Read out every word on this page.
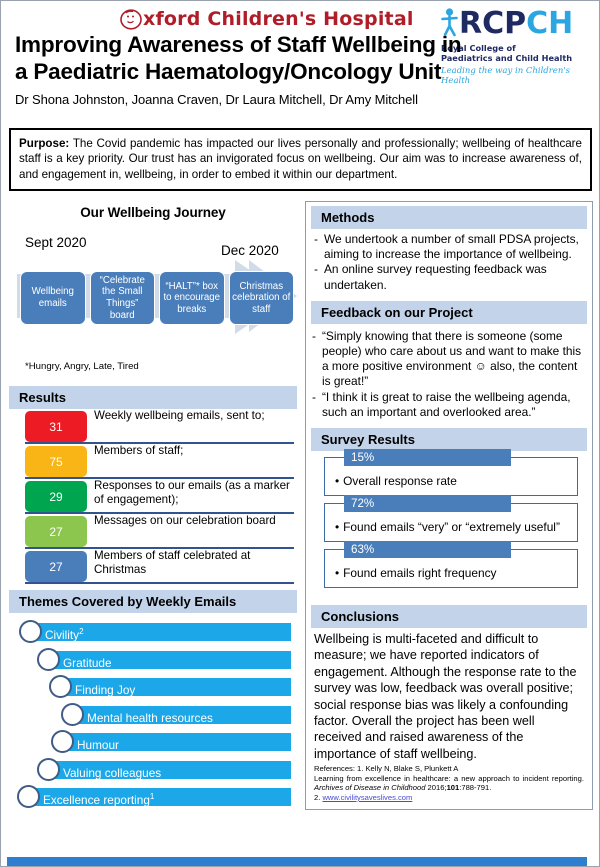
xford Children's Hospital R C P C H
Royal College of
Paediatrics and Child Health
Leading the way in Children's Health
Improving Awareness of Staff Wellbeing in a Paediatric Haematology/Oncology Unit
Dr Shona Johnston, Joanna Craven, Dr Laura Mitchell, Dr Amy Mitchell
Purpose: The Covid pandemic has impacted our lives personally and professionally; wellbeing of healthcare staff is a key priority. Our trust has an invigorated focus on wellbeing. Our aim was to increase awareness of, and engagement in, wellbeing, in order to embed it within our department.
Our Wellbeing Journey
Sept 2020
Dec 2020
Wellbeing emails
“Celebrate the Small Things” board
“HALT”* box to encourage breaks
Christmas celebration of staff
*Hungry, Angry, Late, Tired
Results
31
Weekly wellbeing emails, sent to;
75
Members of staff;
29
Responses to our emails (as a marker of engagement);
27
Messages on our celebration board
27
Members of staff celebrated at Christmas
Themes Covered by Weekly Emails
Civility$^2$
Gratitude
Finding Joy
Mental health resources
Humour
Valuing colleagues
Excellence reporting$^1$
Methods
- We undertook a number of small PDSA projects, aiming to increase the importance of wellbeing.
- An online survey requesting feedback was undertaken.
Feedback on our Project
- “Simply knowing that there is someone (some people) who care about us and want to make this a more positive environment ☺ also, the content is great!”
- “I think it is great to raise the wellbeing agenda, such an important and overlooked area.”
Survey Results
• Overall response rate
15%
• Found emails “very” or “extremely useful”
72%
• Found emails right frequency
63%
Conclusions
Wellbeing is multi-faceted and difficult to measure; we have reported indicators of engagement. Although the response rate to the survey was low, feedback was overall positive; social response bias was likely a confounding factor. Overall the project has been well received and raised awareness of the importance of staff wellbeing.
References: 1. Kelly N, Blake S, Plunkett A
Learning from excellence in healthcare: a new approach to incident reporting. Archives of Disease in Childhood 2016;101:788-791.
2. www.civilitysaveslives.com
